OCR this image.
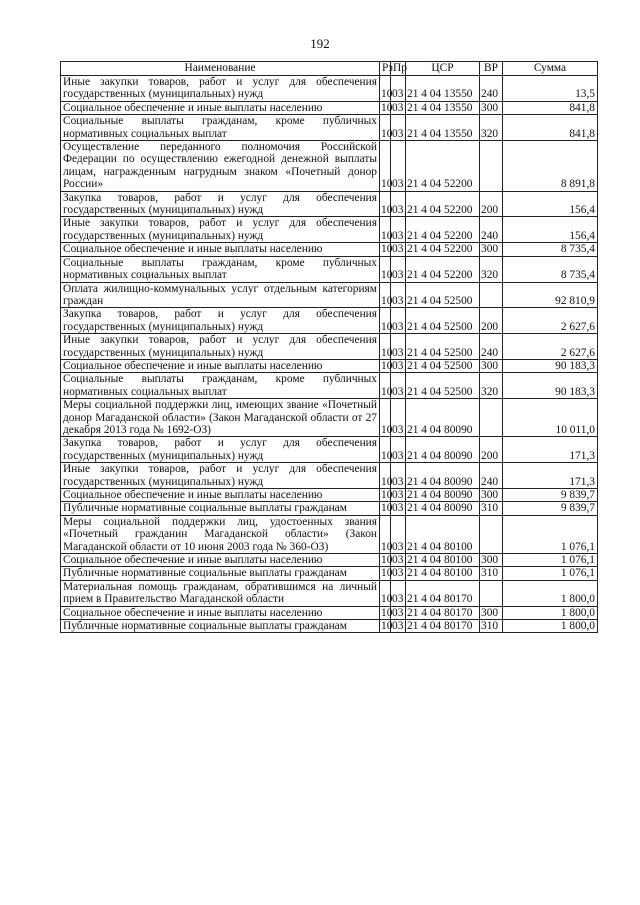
192
Наименование	Рз	Пр	ЦСР	ВР	Сумма
Иные закупки товаров, работ и услуг для обеспечения государственных (муниципальных) нужд	10	03	21 4 04 13550	240	13,5
Социальное обеспечение и иные выплаты населению	10	03	21 4 04 13550	300	841,8
Социальные выплаты гражданам, кроме публичных нормативных социальных выплат	10	03	21 4 04 13550	320	841,8
Осуществление переданного полномочия Российской Федерации по осуществлению ежегодной денежной выплаты лицам, награжденным нагрудным знаком «Почетный донор России»	10	03	21 4 04 52200		8 891,8
Закупка товаров, работ и услуг для обеспечения государственных (муниципальных) нужд	10	03	21 4 04 52200	200	156,4
Иные закупки товаров, работ и услуг для обеспечения государственных (муниципальных) нужд	10	03	21 4 04 52200	240	156,4
Социальное обеспечение и иные выплаты населению	10	03	21 4 04 52200	300	8 735,4
Социальные выплаты гражданам, кроме публичных нормативных социальных выплат	10	03	21 4 04 52200	320	8 735,4
Оплата жилищно-коммунальных услуг отдельным категориям граждан	10	03	21 4 04 52500		92 810,9
Закупка товаров, работ и услуг для обеспечения государственных (муниципальных) нужд	10	03	21 4 04 52500	200	2 627,6
Иные закупки товаров, работ и услуг для обеспечения государственных (муниципальных) нужд	10	03	21 4 04 52500	240	2 627,6
Социальное обеспечение и иные выплаты населению	10	03	21 4 04 52500	300	90 183,3
Социальные выплаты гражданам, кроме публичных нормативных социальных выплат	10	03	21 4 04 52500	320	90 183,3
Меры социальной поддержки лиц, имеющих звание «Почетный донор Магаданской области» (Закон Магаданской области от 27 декабря 2013 года № 1692-ОЗ)	10	03	21 4 04 80090		10 011,0
Закупка товаров, работ и услуг для обеспечения государственных (муниципальных) нужд	10	03	21 4 04 80090	200	171,3
Иные закупки товаров, работ и услуг для обеспечения государственных (муниципальных) нужд	10	03	21 4 04 80090	240	171,3
Социальное обеспечение и иные выплаты населению	10	03	21 4 04 80090	300	9 839,7
Публичные нормативные социальные выплаты гражданам	10	03	21 4 04 80090	310	9 839,7
Меры социальной поддержки лиц, удостоенных звания «Почетный гражданин Магаданской области» (Закон Магаданской области от 10 июня 2003 года № 360-ОЗ)	10	03	21 4 04 80100		1 076,1
Социальное обеспечение и иные выплаты населению	10	03	21 4 04 80100	300	1 076,1
Публичные нормативные социальные выплаты гражданам	10	03	21 4 04 80100	310	1 076,1
Материальная помощь гражданам, обратившимся на личный прием в Правительство Магаданской области	10	03	21 4 04 80170		1 800,0
Социальное обеспечение и иные выплаты населению	10	03	21 4 04 80170	300	1 800,0
Публичные нормативные социальные выплаты гражданам	10	03	21 4 04 80170	310	1 800,0
